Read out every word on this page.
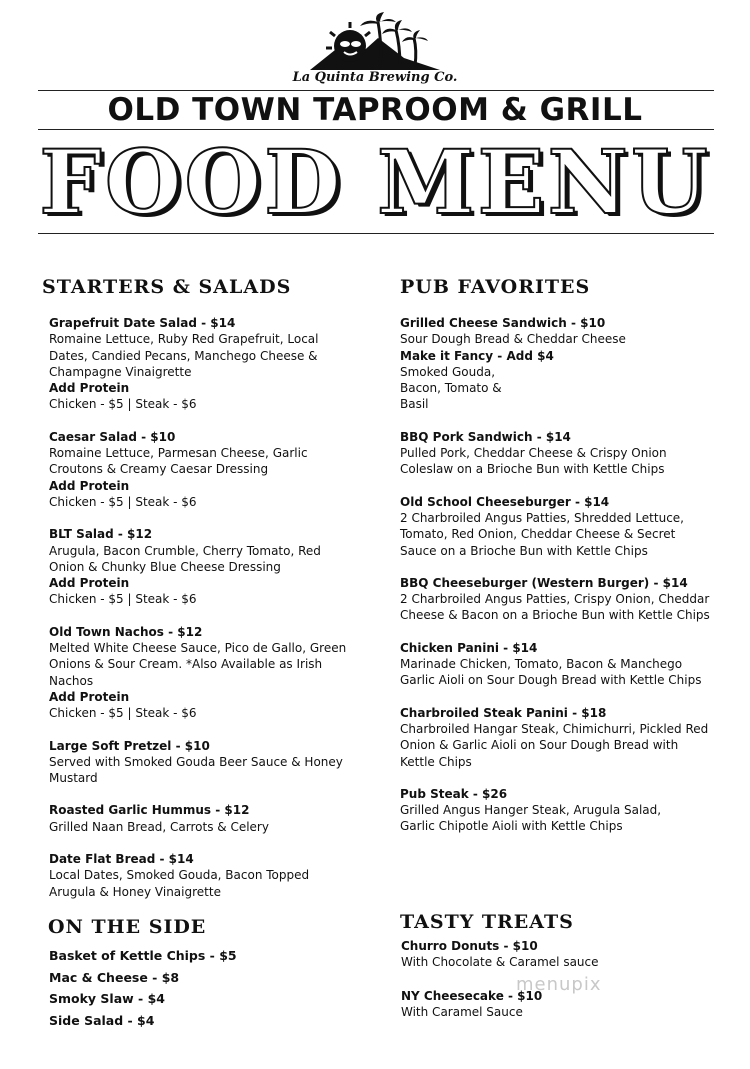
La Quinta Brewing Co.
OLD TOWN TAPROOM & GRILL
FOOD MENU
STARTERS & SALADS
Grapefruit Date Salad - $14
Romaine Lettuce, Ruby Red Grapefruit, Local Dates, Candied Pecans, Manchego Cheese & Champagne Vinaigrette
Add Protein
Chicken - $5 | Steak - $6
Caesar Salad - $10
Romaine Lettuce, Parmesan Cheese, Garlic Croutons & Creamy Caesar Dressing
Add Protein
Chicken - $5 | Steak - $6
BLT Salad - $12
Arugula, Bacon Crumble, Cherry Tomato, Red Onion & Chunky Blue Cheese Dressing
Add Protein
Chicken - $5 | Steak - $6
Old Town Nachos - $12
Melted White Cheese Sauce, Pico de Gallo, Green Onions & Sour Cream. *Also Available as Irish Nachos
Add Protein
Chicken - $5 | Steak - $6
Large Soft Pretzel - $10
Served with Smoked Gouda Beer Sauce & Honey Mustard
Roasted Garlic Hummus - $12
Grilled Naan Bread, Carrots & Celery
Date Flat Bread - $14
Local Dates, Smoked Gouda, Bacon Topped Arugula & Honey Vinaigrette
PUB FAVORITES
Grilled Cheese Sandwich - $10
Sour Dough Bread & Cheddar Cheese
Make it Fancy - Add $4
Smoked Gouda, Bacon, Tomato & Basil
BBQ Pork Sandwich - $14
Pulled Pork, Cheddar Cheese & Crispy Onion Coleslaw on a Brioche Bun with Kettle Chips
Old School Cheeseburger - $14
2 Charbroiled Angus Patties, Shredded Lettuce, Tomato, Red Onion, Cheddar Cheese & Secret Sauce on a Brioche Bun with Kettle Chips
BBQ Cheeseburger (Western Burger) - $14
2 Charbroiled Angus Patties, Crispy Onion, Cheddar Cheese & Bacon on a Brioche Bun with Kettle Chips
Chicken Panini - $14
Marinade Chicken, Tomato, Bacon & Manchego Garlic Aioli on Sour Dough Bread with Kettle Chips
Charbroiled Steak Panini - $18
Charbroiled Hangar Steak, Chimichurri, Pickled Red Onion & Garlic Aioli on Sour Dough Bread with Kettle Chips
Pub Steak - $26
Grilled Angus Hanger Steak, Arugula Salad, Garlic Chipotle Aioli with Kettle Chips
ON THE SIDE
Basket of Kettle Chips - $5
Mac & Cheese - $8
Smoky Slaw - $4
Side Salad - $4
TASTY TREATS
Churro Donuts - $10
With Chocolate & Caramel sauce
NY Cheesecake - $10
With Caramel Sauce
menupix
